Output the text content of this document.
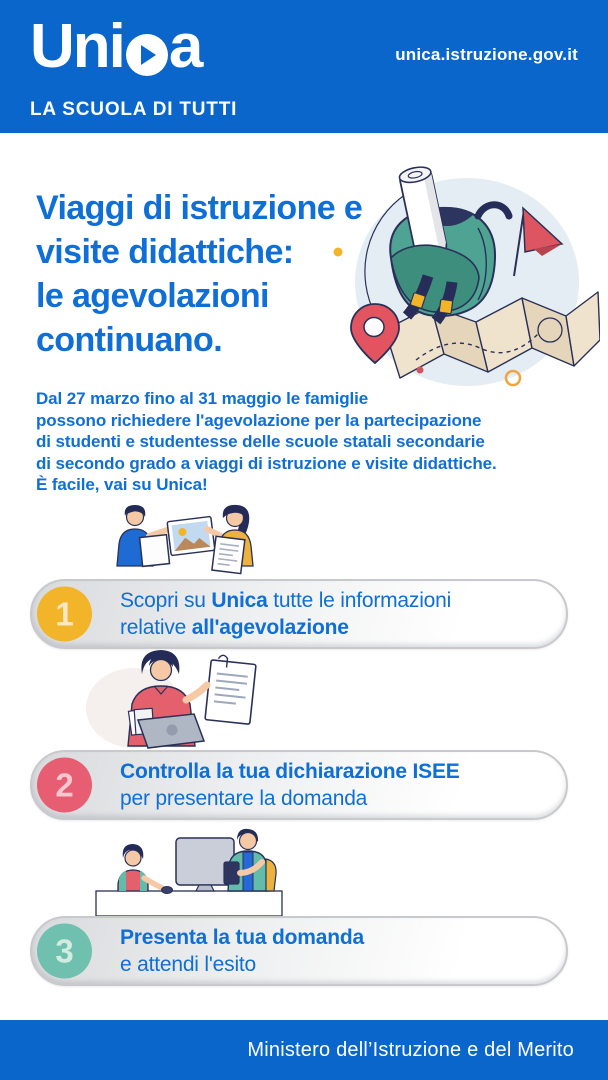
Uni a
LA SCUOLA DI TUTTI
unica.istruzione.gov.it
Viaggi di istruzione e
visite didattiche:
le agevolazioni
continuano.
Dal 27 marzo fino al 31 maggio le famiglie
possono richiedere l'agevolazione per la partecipazione
di studenti e studentesse delle scuole statali secondarie
di secondo grado a viaggi di istruzione e visite didattiche.
È facile, vai su Unica!
1	Scopri su Unica tutte le informazioni
relative all'agevolazione
2	Controlla la tua dichiarazione ISEE
per presentare la domanda
3	Presenta la tua domanda
e attendi l'esito
Ministero dell’Istruzione e del Merito
